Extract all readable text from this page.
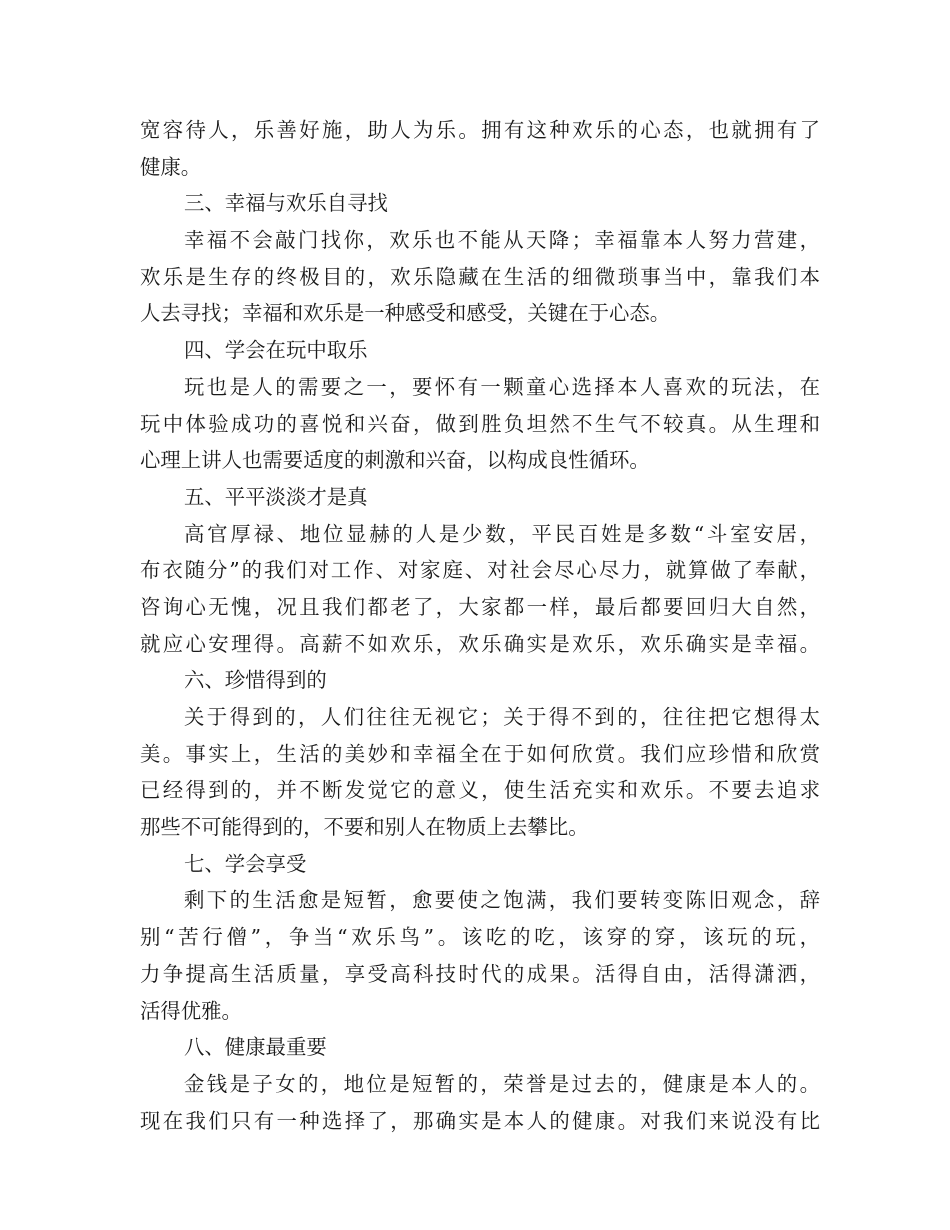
宽容待人，乐善好施，助人为乐。拥有这种欢乐的心态，也就拥有了
健康。
三、幸福与欢乐自寻找
幸福不会敲门找你，欢乐也不能从天降；幸福靠本人努力营建，
欢乐是生存的终极目的，欢乐隐藏在生活的细微琐事当中，靠我们本
人去寻找；幸福和欢乐是一种感受和感受，关键在于心态。
四、学会在玩中取乐
玩也是人的需要之一，要怀有一颗童心选择本人喜欢的玩法，在
玩中体验成功的喜悦和兴奋，做到胜负坦然不生气不较真。从生理和
心理上讲人也需要适度的刺激和兴奋，以构成良性循环。
五、平平淡淡才是真
高官厚禄、地位显赫的人是少数，平民百姓是多数“斗室安居，
布衣随分”的我们对工作、对家庭、对社会尽心尽力，就算做了奉献，
咨询心无愧，况且我们都老了，大家都一样，最后都要回归大自然，
就应心安理得。高薪不如欢乐，欢乐确实是欢乐，欢乐确实是幸福。
六、珍惜得到的
关于得到的，人们往往无视它；关于得不到的，往往把它想得太
美。事实上，生活的美妙和幸福全在于如何欣赏。我们应珍惜和欣赏
已经得到的，并不断发觉它的意义，使生活充实和欢乐。不要去追求
那些不可能得到的，不要和别人在物质上去攀比。
七、学会享受
剩下的生活愈是短暂，愈要使之饱满，我们要转变陈旧观念，辞
别“苦行僧”，争当“欢乐鸟”。该吃的吃，该穿的穿，该玩的玩，
力争提高生活质量，享受高科技时代的成果。活得自由，活得潇洒，
活得优雅。
八、健康最重要
金钱是子女的，地位是短暂的，荣誉是过去的，健康是本人的。
现在我们只有一种选择了，那确实是本人的健康。对我们来说没有比
